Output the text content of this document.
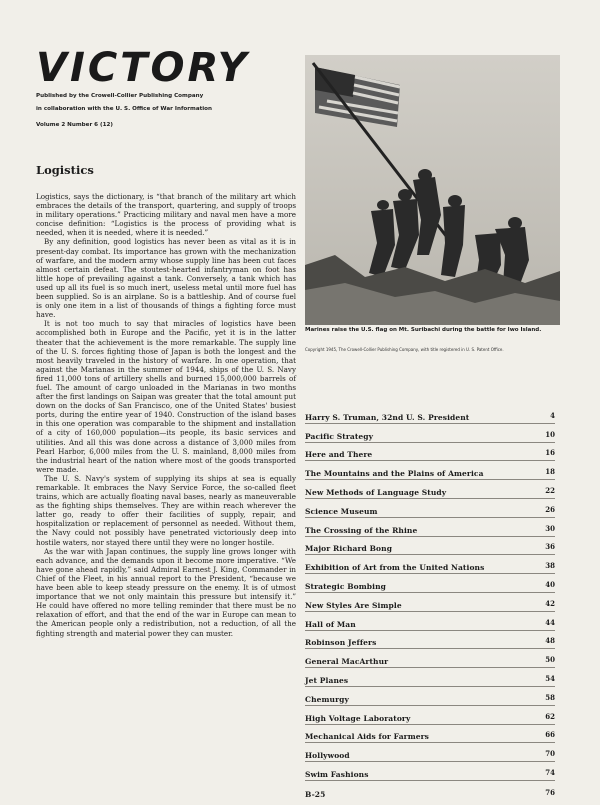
VICTORY
Published by the Crowell-Collier Publishing Company
in collaboration with the U. S. Office of War Information
Volume 2 Number 6 (12)
Logistics

Logistics, says the dictionary, is “that branch of the military art which embraces the details of the transport, quartering, and supply of troops in military operations.” Practicing military and naval men have a more concise definition: “Logistics is the process of providing what is needed, when it is needed, where it is needed.”

By any definition, good logistics has never been as vital as it is in present-day combat. Its importance has grown with the mechanization of warfare, and the modern army whose supply line has been cut faces almost certain defeat. The stoutest-hearted infantryman on foot has little hope of prevailing against a tank. Conversely, a tank which has used up all its fuel is so much inert, useless metal until more fuel has been supplied. So is an airplane. So is a battleship. And of course fuel is only one item in a list of thousands of things a fighting force must have.

It is not too much to say that miracles of logistics have been accomplished both in Europe and the Pacific, yet it is in the latter theater that the achievement is the more remarkable. The supply line of the U. S. forces fighting those of Japan is both the longest and the most heavily traveled in the history of warfare. In one operation, that against the Marianas in the summer of 1944, ships of the U. S. Navy fired 11,000 tons of artillery shells and burned 15,000,000 barrels of fuel. The amount of cargo unloaded in the Marianas in two months after the first landings on Saipan was greater that the total amount put down on the docks of San Francisco, one of the United States' busiest ports, during the entire year of 1940. Construction of the island bases in this one operation was comparable to the shipment and installation of a city of 160,000 population—its people, its basic services and utilities. And all this was done across a distance of 3,000 miles from Pearl Harbor, 6,000 miles from the U. S. mainland, 8,000 miles from the industrial heart of the nation where most of the goods transported were made.

The U. S. Navy's system of supplying its ships at sea is equally remarkable. It embraces the Navy Service Force, the so-called fleet trains, which are actually floating naval bases, nearly as maneuverable as the fighting ships themselves. They are within reach wherever the latter go, ready to offer their facilities of supply, repair, and hospitalization or replacement of personnel as needed. Without them, the Navy could not possibly have penetrated victoriously deep into hostile waters, nor stayed there until they were no longer hostile.

As the war with Japan continues, the supply line grows longer with each advance, and the demands upon it become more imperative. “We have gone ahead rapidly,” said Admiral Earnest J. King, Commander in Chief of the Fleet, in his annual report to the President, “because we have been able to keep steady pressure on the enemy. It is of utmost importance that we not only maintain this pressure but intensify it.” He could have offered no more telling reminder that there must be no relaxation of effort, and that the end of the war in Europe can mean to the American people only a redistribution, not a reduction, of all the fighting strength and material power they can muster.

Marines raise the U.S. flag on Mt. Suribachi during the battle for Iwo Island.
Copyright 1945, The Crowell-Collier Publishing Company, with title registered in U. S. Patent Office.
Harry S. Truman, 32nd U. S. President	4
Pacific Strategy	10
Here and There	16
The Mountains and the Plains of America	18
New Methods of Language Study	22
Science Museum	26
The Crossing of the Rhine	30
Major Richard Bong	36
Exhibition of Art from the United Nations	38
Strategic Bombing	40
New Styles Are Simple	42
Hall of Man	44
Robinson Jeffers	48
General MacArthur	50
Jet Planes	54
Chemurgy	58
High Voltage Laboratory	62
Mechanical Aids for Farmers	66
Hollywood	70
Swim Fashions	74
B-25	76
